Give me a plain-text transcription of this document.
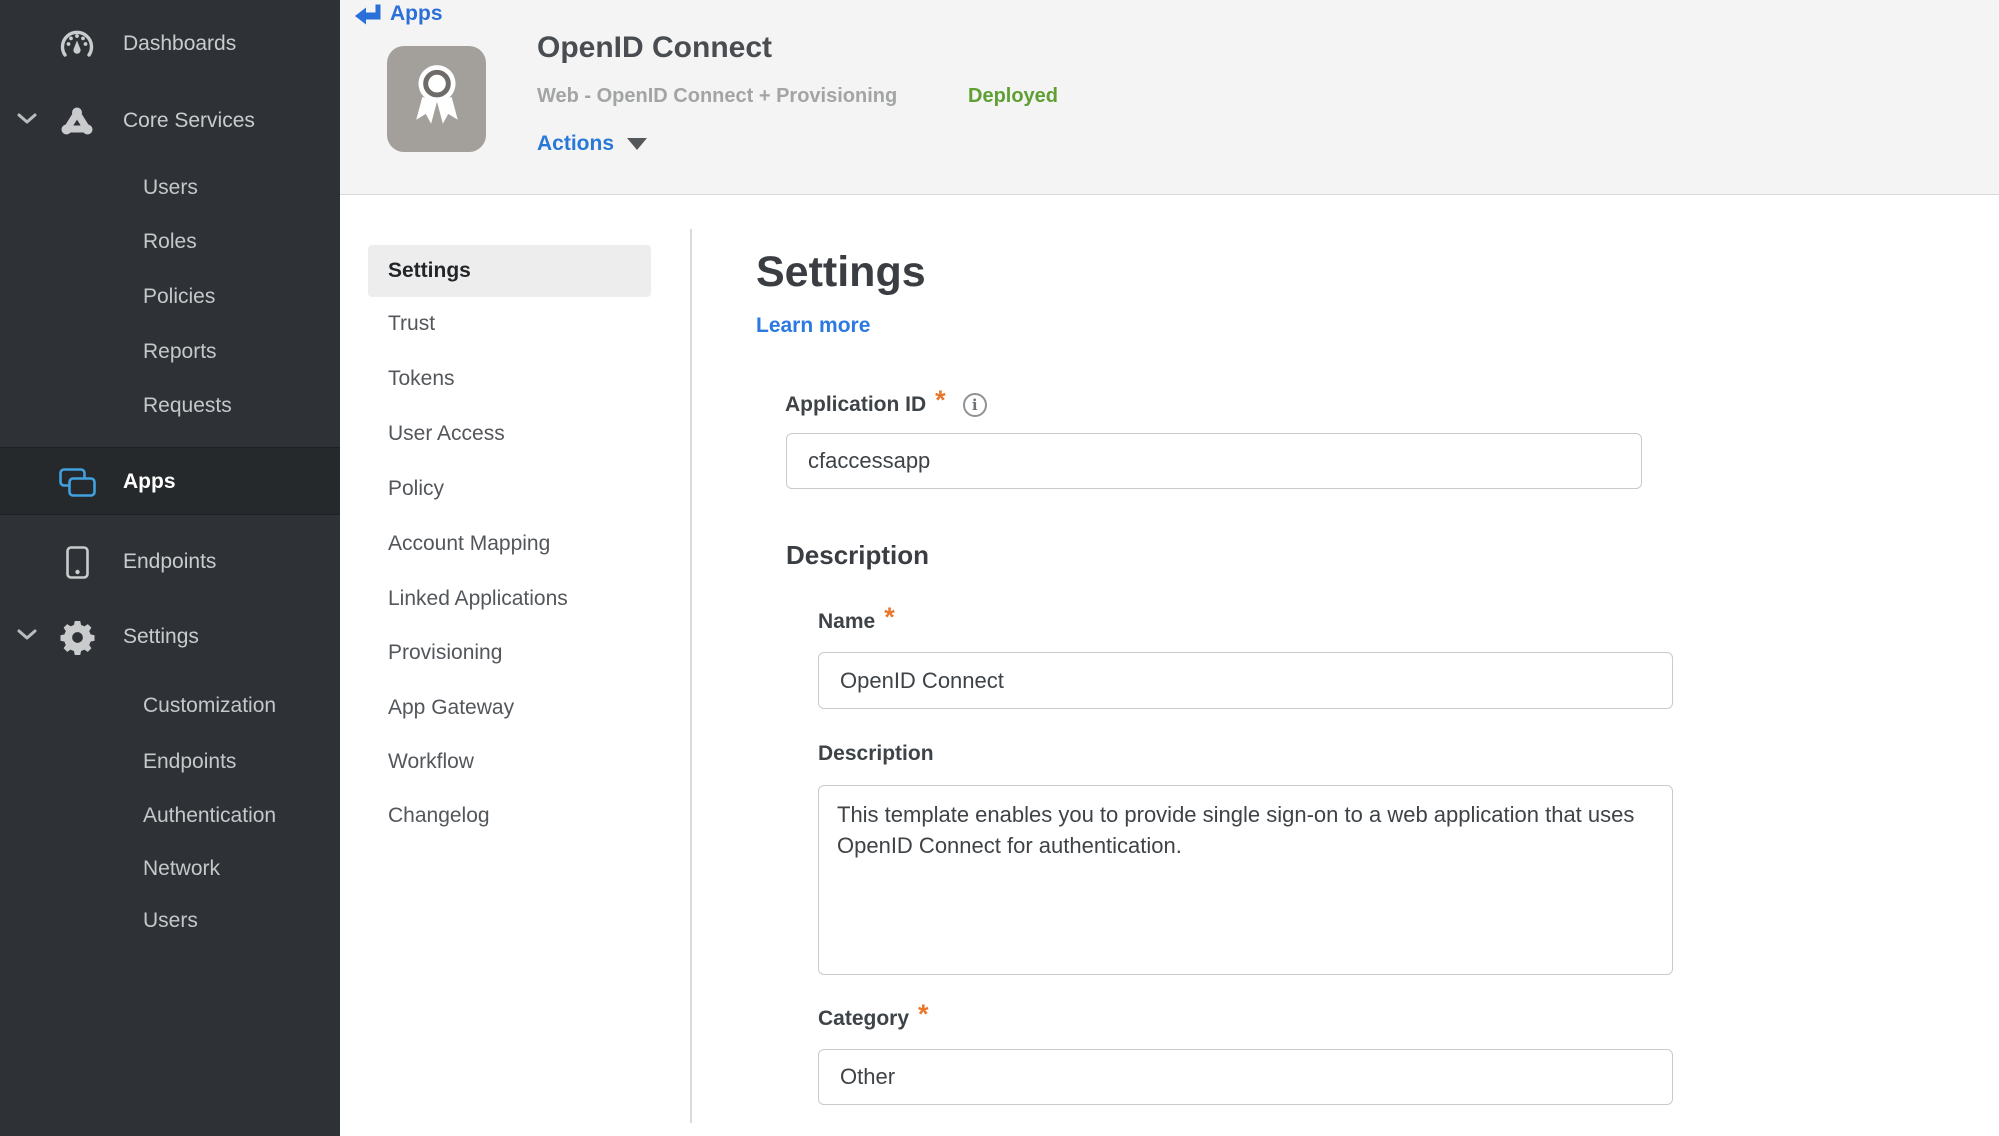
Dashboards
Core Services
Users
Roles
Policies
Reports
Requests
Apps
Endpoints
Settings
Customization
Endpoints
Authentication
Network
Users
Apps
OpenID Connect
Web - OpenID Connect + Provisioning	Deployed
Actions
Settings
Trust
Tokens
User Access
Policy
Account Mapping
Linked Applications
Provisioning
App Gateway
Workflow
Changelog
Settings
Learn more
Application ID *	i
cfaccessapp
Description
Name *
OpenID Connect
Description
This template enables you to provide single sign-on to a web application that uses OpenID Connect for authentication.
Category *
Other
